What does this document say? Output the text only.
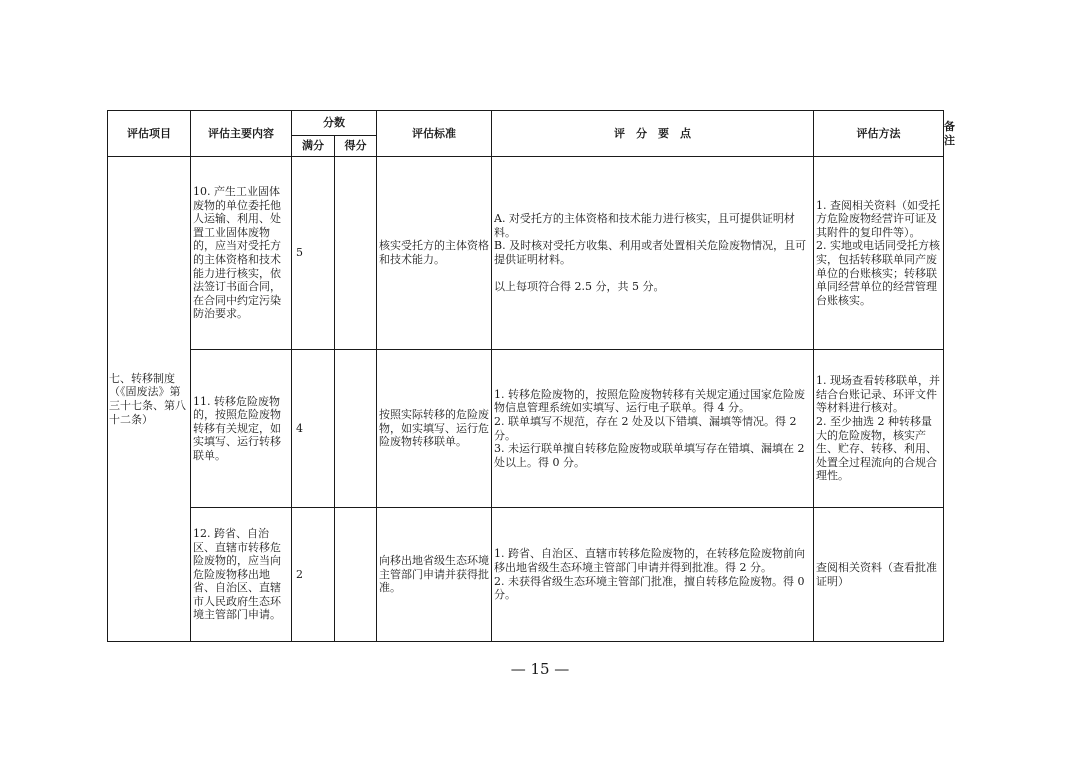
评估项目	评估主要内容	分数		评估标准	评　分　要　点	评估方法	备注
		满分	得分				
七、转移制度（《固废法》第三十七条、第八十二条）	10. 产生工业固体废物的单位委托他人运输、利用、处置工业固体废物的，应当对受托方的主体资格和技术能力进行核实，依法签订书面合同，在合同中约定污染防治要求。	5		核实受托方的主体资格和技术能力。	A. 对受托方的主体资格和技术能力进行核实，且可提供证明材料。
B. 及时核对受托方收集、利用或者处置相关危险废物情况，且可提供证明材料。
以上每项符合得 2.5 分，共 5 分。	1. 查阅相关资料（如受托方危险废物经营许可证及其附件的复印件等）。
2. 实地或电话同受托方核实，包括转移联单同产废单位的台账核实；转移联单同经营单位的经营管理台账核实。	

	11. 转移危险废物的，按照危险废物转移有关规定，如实填写、运行转移联单。	4		按照实际转移的危险废物，如实填写、运行危险废物转移联单。	1. 转移危险废物的，按照危险废物转移有关规定通过国家危险废物信息管理系统如实填写、运行电子联单。得 4 分。
2. 联单填写不规范，存在 2 处及以下错填、漏填等情况。得 2 分。
3. 未运行联单擅自转移危险废物或联单填写存在错填、漏填在 2 处以上。得 0 分。	1. 现场查看转移联单，并结合台账记录、环评文件等材料进行核对。
2. 至少抽选 2 种转移量大的危险废物，核实产生、贮存、转移、利用、处置全过程流向的合规合理性。	

	12. 跨省、自治区、直辖市转移危险废物的，应当向危险废物移出地省、自治区、直辖市人民政府生态环境主管部门申请。	2		向移出地省级生态环境主管部门申请并获得批准。	1. 跨省、自治区、直辖市转移危险废物的，在转移危险废物前向移出地省级生态环境主管部门申请并得到批准。得 2 分。
2. 未获得省级生态环境主管部门批准，擅自转移危险废物。得 0 分。	查阅相关资料（查看批准证明）	

— 15 —
